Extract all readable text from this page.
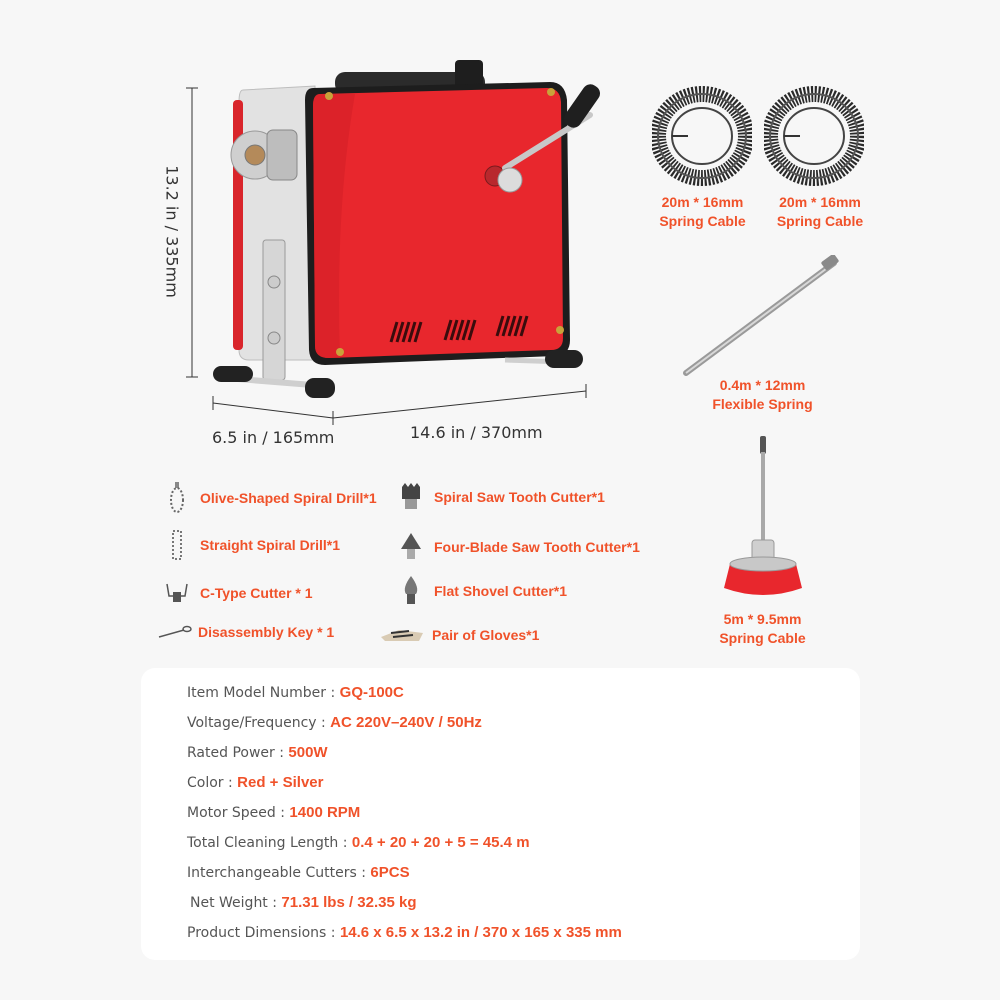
13.2 in / 335mm
6.5 in / 165mm	14.6 in / 370mm
20m * 16mm
Spring Cable
20m * 16mm
Spring Cable
0.4m * 12mm
Flexible Spring
5m * 9.5mm
Spring Cable
Olive-Shaped Spiral Drill*1
Straight Spiral Drill*1
C-Type Cutter * 1
Disassembly Key * 1
Spiral Saw Tooth Cutter*1
Four-Blade Saw Tooth Cutter*1
Flat Shovel Cutter*1
Pair of Gloves*1
Item Model Number : GQ-100C
Voltage/Frequency : AC 220V–240V / 50Hz
Rated Power : 500W
Color : Red + Silver
Motor Speed : 1400 RPM
Total Cleaning Length : 0.4 + 20 + 20 + 5 = 45.4 m
Interchangeable Cutters : 6PCS
Net Weight : 71.31 lbs / 32.35 kg
Product Dimensions : 14.6 x 6.5 x 13.2 in / 370 x 165 x 335 mm
